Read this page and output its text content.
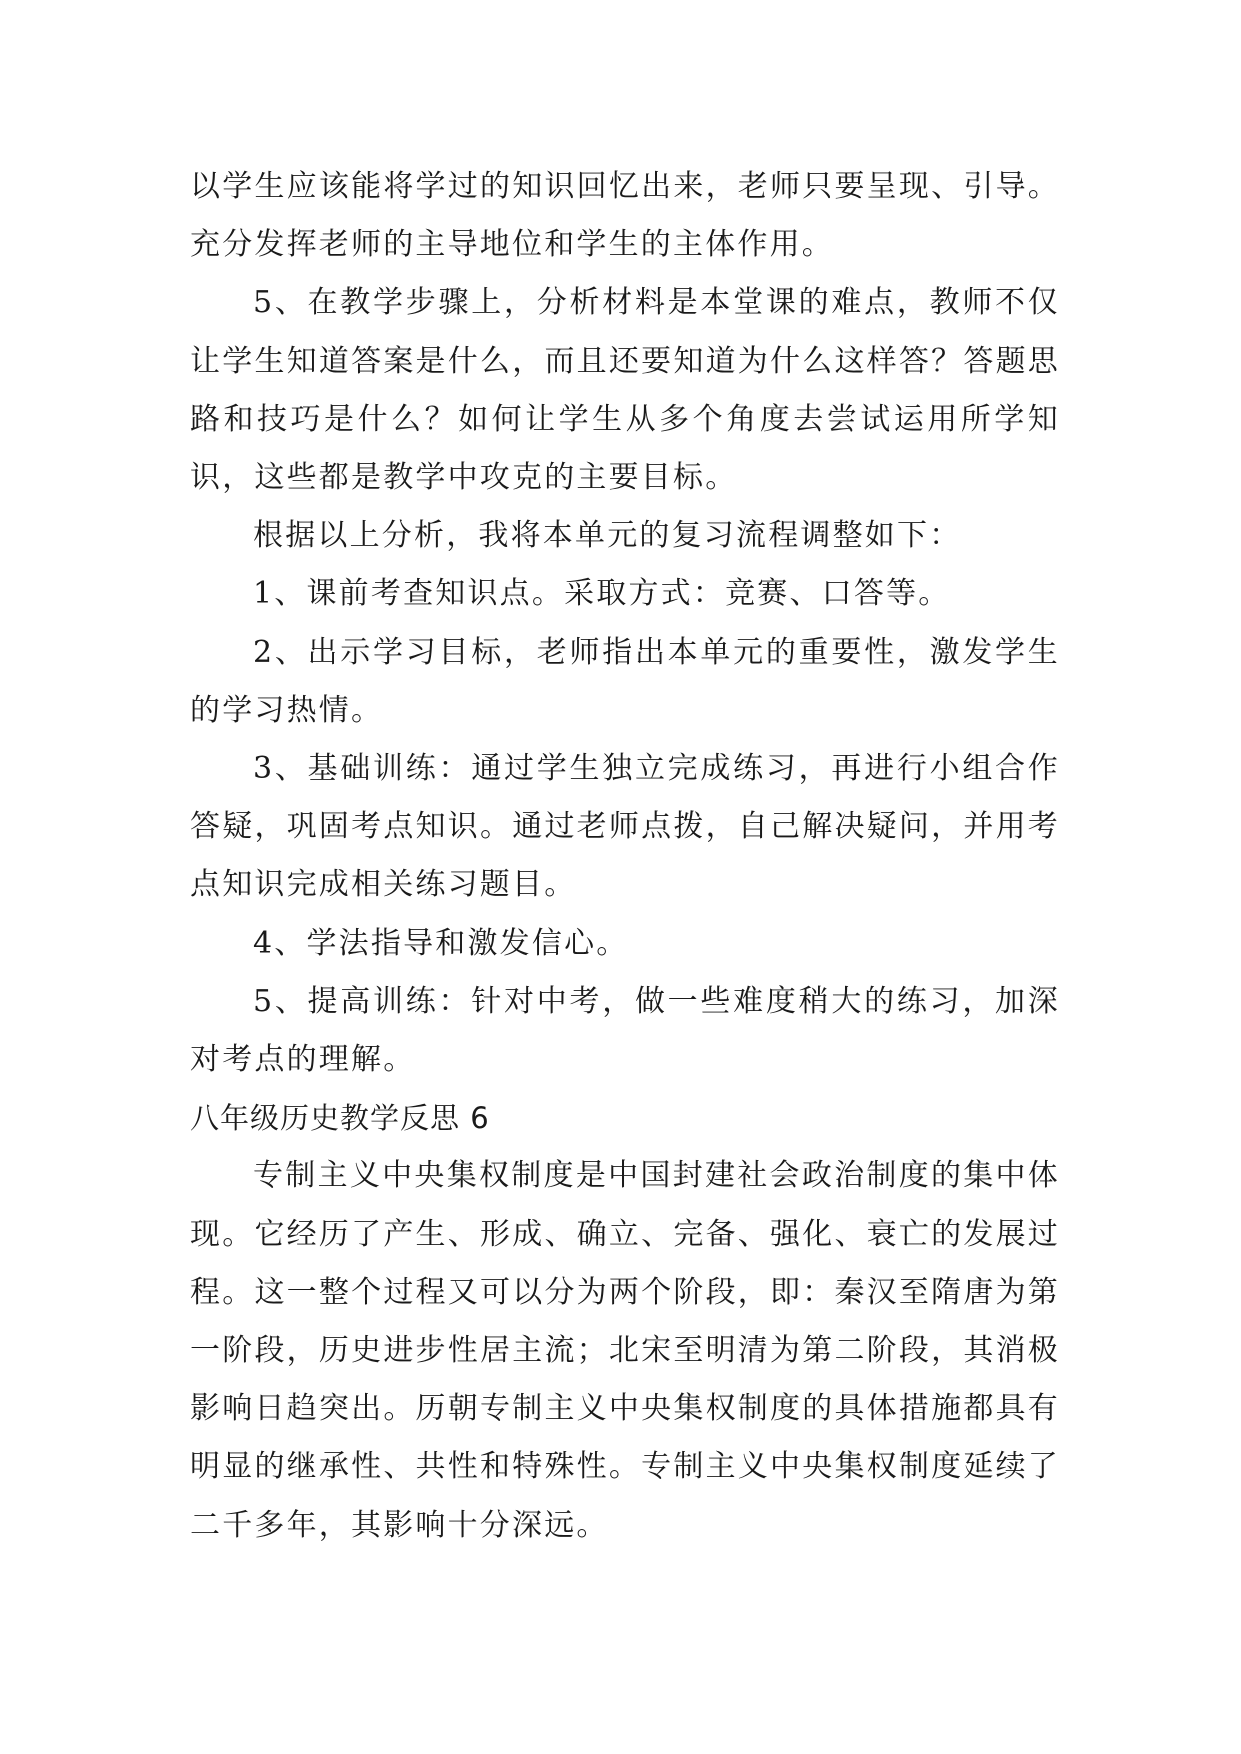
以学生应该能将学过的知识回忆出来，老师只要呈现、引导。充分发挥老师的主导地位和学生的主体作用。

5、在教学步骤上，分析材料是本堂课的难点，教师不仅让学生知道答案是什么，而且还要知道为什么这样答？答题思路和技巧是什么？如何让学生从多个角度去尝试运用所学知识，这些都是教学中攻克的主要目标。

根据以上分析，我将本单元的复习流程调整如下：

1、课前考查知识点。采取方式：竞赛、口答等。

2、出示学习目标，老师指出本单元的重要性，激发学生的学习热情。

3、基础训练：通过学生独立完成练习，再进行小组合作答疑，巩固考点知识。通过老师点拨，自己解决疑问，并用考点知识完成相关练习题目。

4、学法指导和激发信心。

5、提高训练：针对中考，做一些难度稍大的练习，加深对考点的理解。

八年级历史教学反思 6

专制主义中央集权制度是中国封建社会政治制度的集中体现。它经历了产生、形成、确立、完备、强化、衰亡的发展过程。这一整个过程又可以分为两个阶段，即：秦汉至隋唐为第一阶段，历史进步性居主流；北宋至明清为第二阶段，其消极影响日趋突出。历朝专制主义中央集权制度的具体措施都具有明显的继承性、共性和特殊性。专制主义中央集权制度延续了二千多年，其影响十分深远。
